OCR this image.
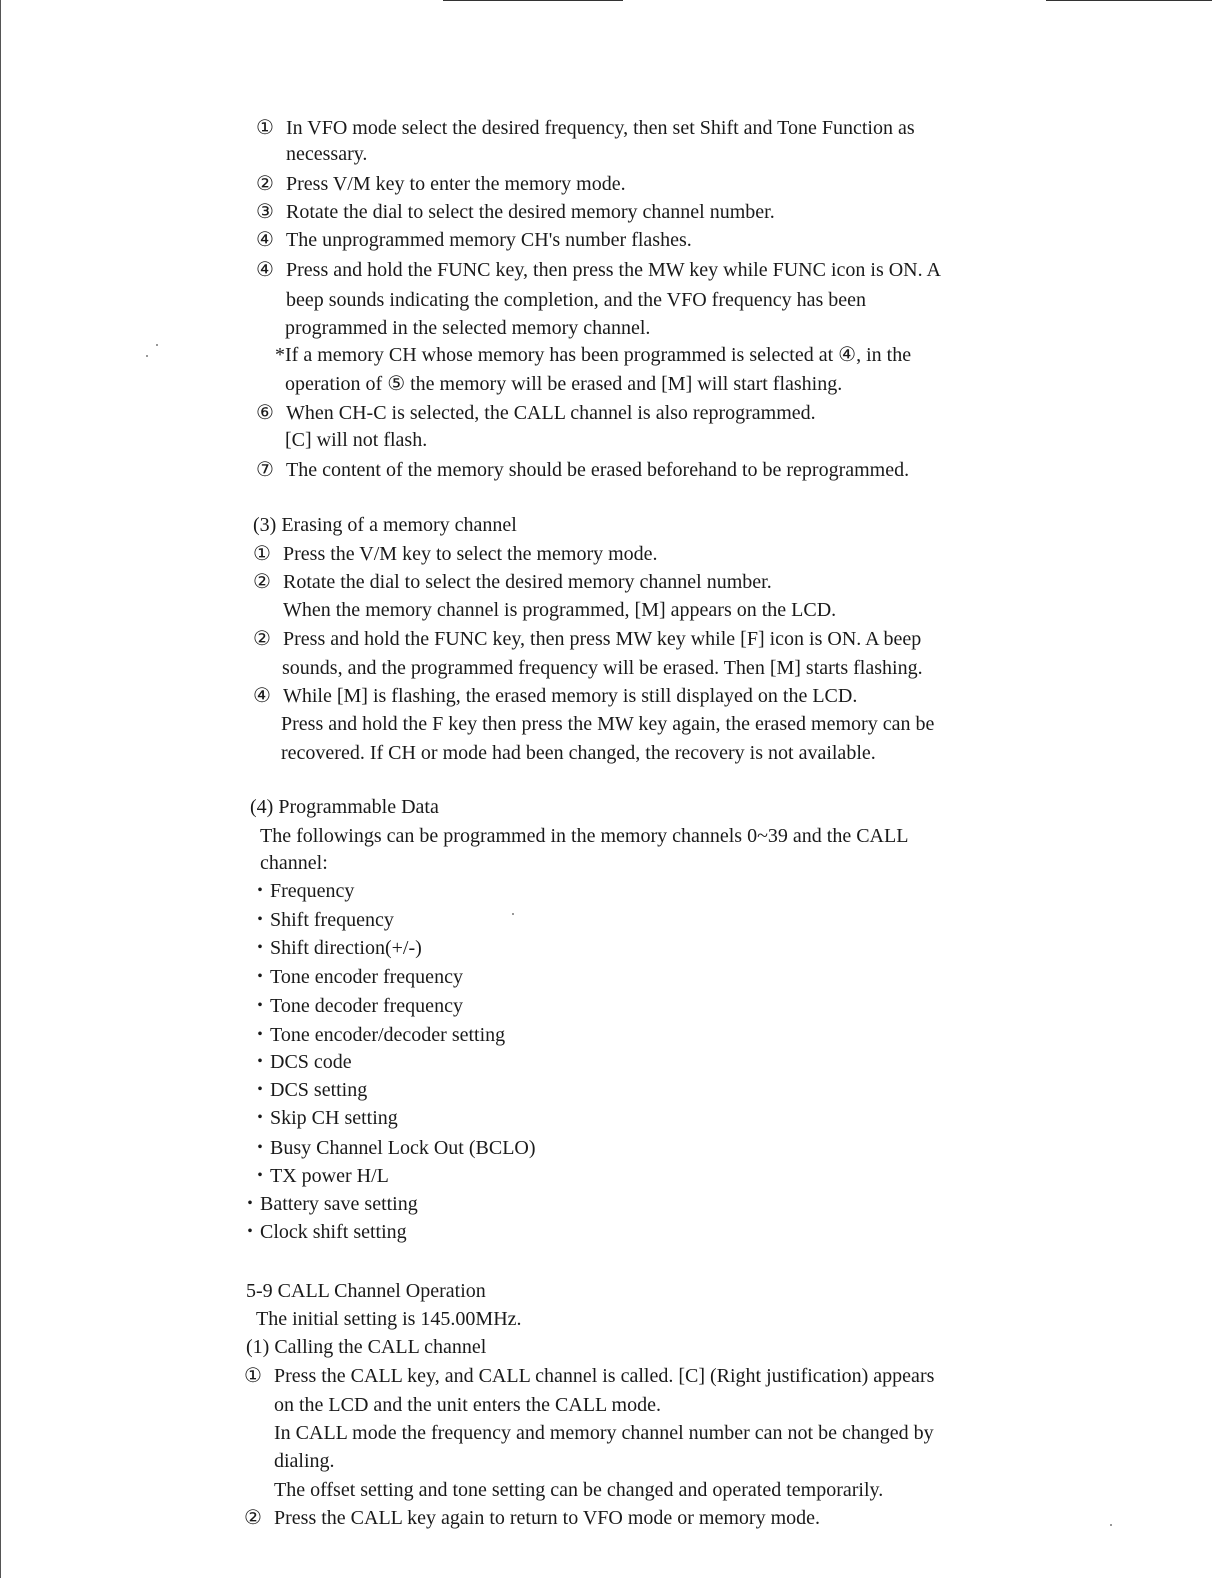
① In VFO mode select the desired frequency, then set Shift and Tone Function as
necessary.
② Press V/M key to enter the memory mode.
③ Rotate the dial to select the desired memory channel number.
④ The unprogrammed memory CH's number flashes.
④ Press and hold the FUNC key, then press the MW key while FUNC icon is ON. A
beep sounds indicating the completion, and the VFO frequency has been
programmed in the selected memory channel.
*If a memory CH whose memory has been programmed is selected at ④, in the
operation of ⑤ the memory will be erased and [M] will start flashing.
⑥ When CH-C is selected, the CALL channel is also reprogrammed.
[C] will not flash.
⑦ The content of the memory should be erased beforehand to be reprogrammed.
(3) Erasing of a memory channel
① Press the V/M key to select the memory mode.
② Rotate the dial to select the desired memory channel number.
When the memory channel is programmed, [M] appears on the LCD.
② Press and hold the FUNC key, then press MW key while [F] icon is ON. A beep
sounds, and the programmed frequency will be erased. Then [M] starts flashing.
④ While [M] is flashing, the erased memory is still displayed on the LCD.
Press and hold the F key then press the MW key again, the erased memory can be
recovered. If CH or mode had been changed, the recovery is not available.
(4) Programmable Data
The followings can be programmed in the memory channels 0~39 and the CALL
channel:
・Frequency
・Shift frequency
・Shift direction(+/-)
・Tone encoder frequency
・Tone decoder frequency
・Tone encoder/decoder setting
・DCS code
・DCS setting
・Skip CH setting
・Busy Channel Lock Out (BCLO)
・TX power H/L
・Battery save setting
・Clock shift setting
5-9 CALL Channel Operation
The initial setting is 145.00MHz.
(1) Calling the CALL channel
① Press the CALL key, and CALL channel is called. [C] (Right justification) appears
on the LCD and the unit enters the CALL mode.
In CALL mode the frequency and memory channel number can not be changed by
dialing.
The offset setting and tone setting can be changed and operated temporarily.
② Press the CALL key again to return to VFO mode or memory mode.
